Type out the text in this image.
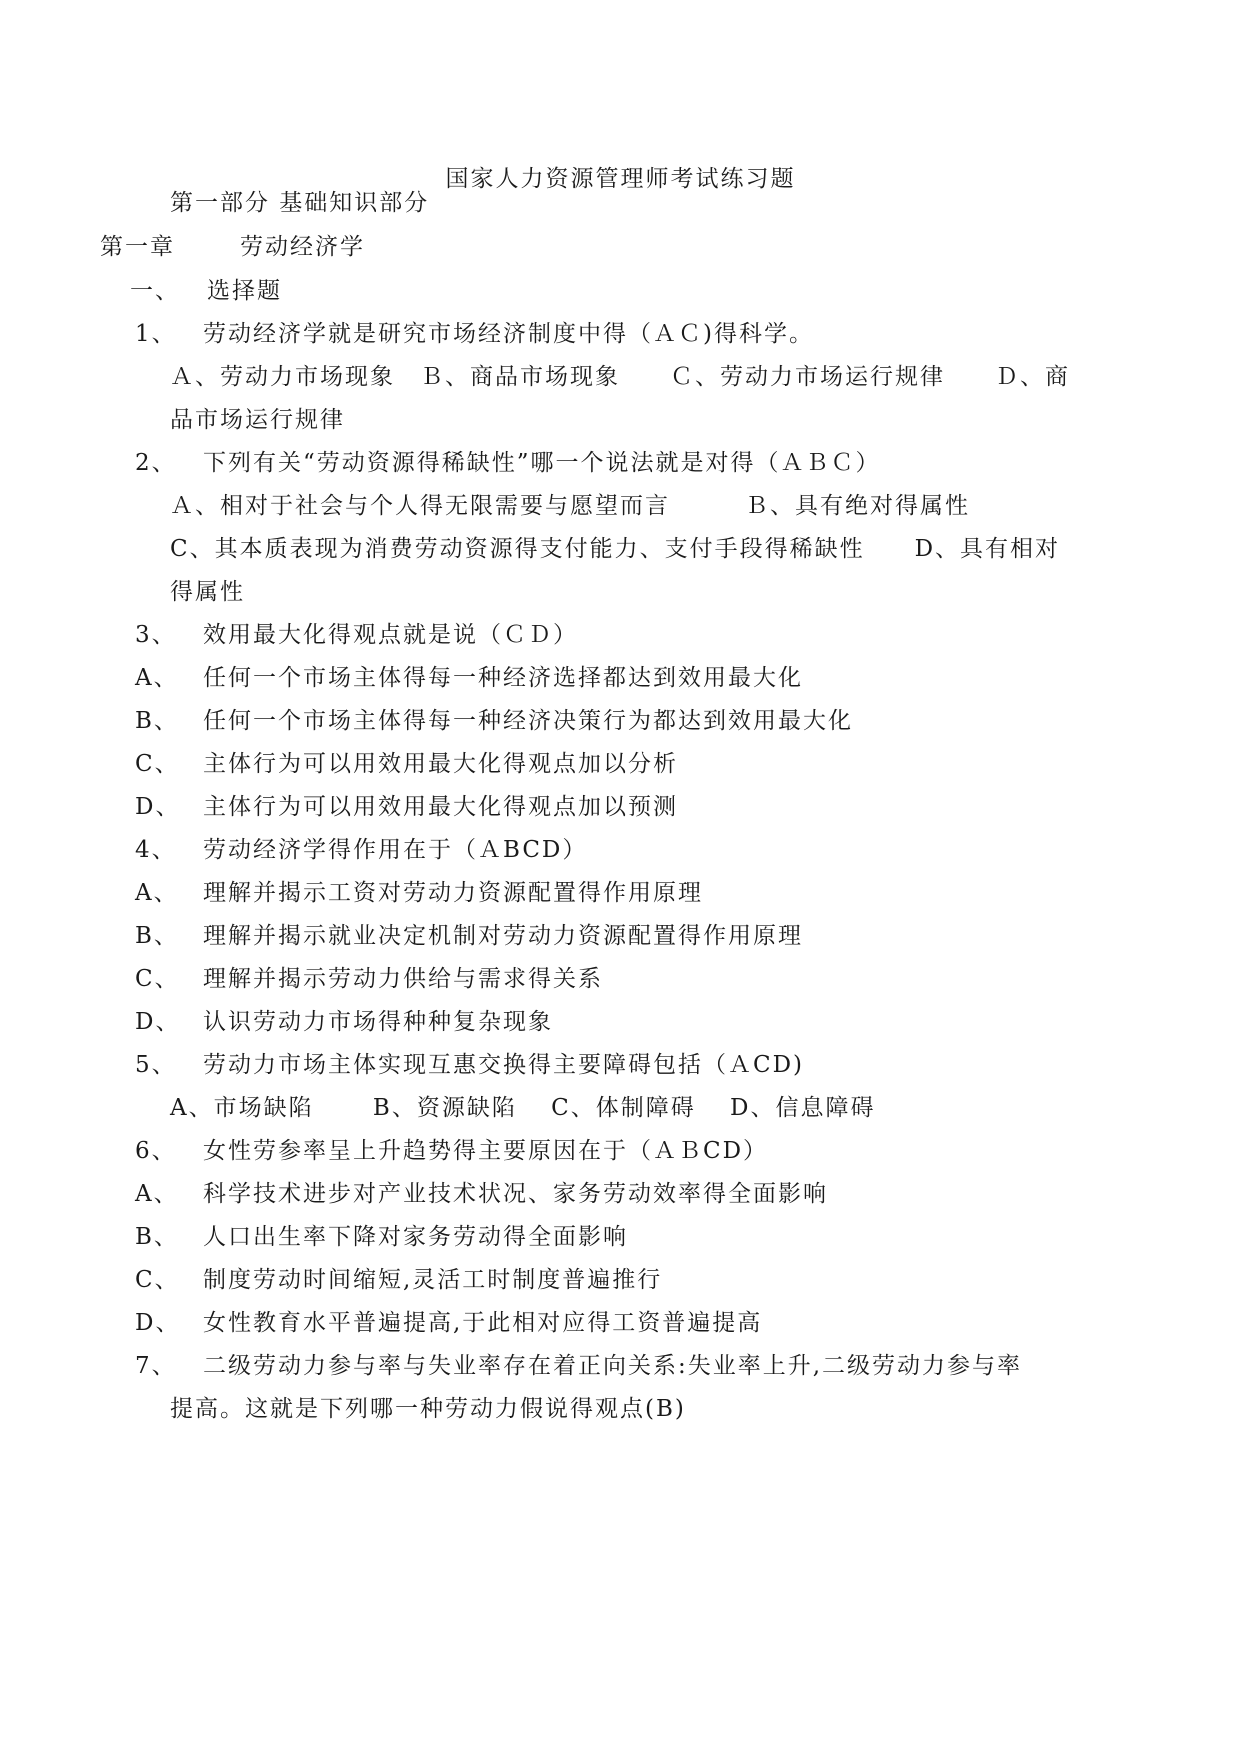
国家人力资源管理师考试练习题
第一部分 基础知识部分
第一章	劳动经济学
一、 选择题
1、 劳动经济学就是研究市场经济制度中得（ＡＣ)得科学。
Ａ、劳动力市场现象　Ｂ、商品市场现象　　Ｃ、劳动力市场运行规律　　Ｄ、商
品市场运行规律
2、 下列有关“劳动资源得稀缺性”哪一个说法就是对得（ＡＢＣ）
Ａ、相对于社会与个人得无限需要与愿望而言　　　Ｂ、具有绝对得属性
C、其本质表现为消费劳动资源得支付能力、支付手段得稀缺性　　D、具有相对
得属性
3、 效用最大化得观点就是说（ＣＤ）
A、 任何一个市场主体得每一种经济选择都达到效用最大化
B、 任何一个市场主体得每一种经济决策行为都达到效用最大化
C、 主体行为可以用效用最大化得观点加以分析
D、 主体行为可以用效用最大化得观点加以预测
4、 劳动经济学得作用在于（ＡBCD）
A、 理解并揭示工资对劳动力资源配置得作用原理
B、 理解并揭示就业决定机制对劳动力资源配置得作用原理
C、 理解并揭示劳动力供给与需求得关系
D、 认识劳动力市场得种种复杂现象
5、 劳动力市场主体实现互惠交换得主要障碍包括（ＡCD)
A、市场缺陷　　 B、资源缺陷　 C、体制障碍　 D、信息障碍
6、 女性劳参率呈上升趋势得主要原因在于（ＡＢCD）
A、 科学技术进步对产业技术状况、家务劳动效率得全面影响
B、 人口出生率下降对家务劳动得全面影响
C、 制度劳动时间缩短,灵活工时制度普遍推行
D、 女性教育水平普遍提高,于此相对应得工资普遍提高
7、 二级劳动力参与率与失业率存在着正向关系:失业率上升,二级劳动力参与率
提高。这就是下列哪一种劳动力假说得观点(B)
